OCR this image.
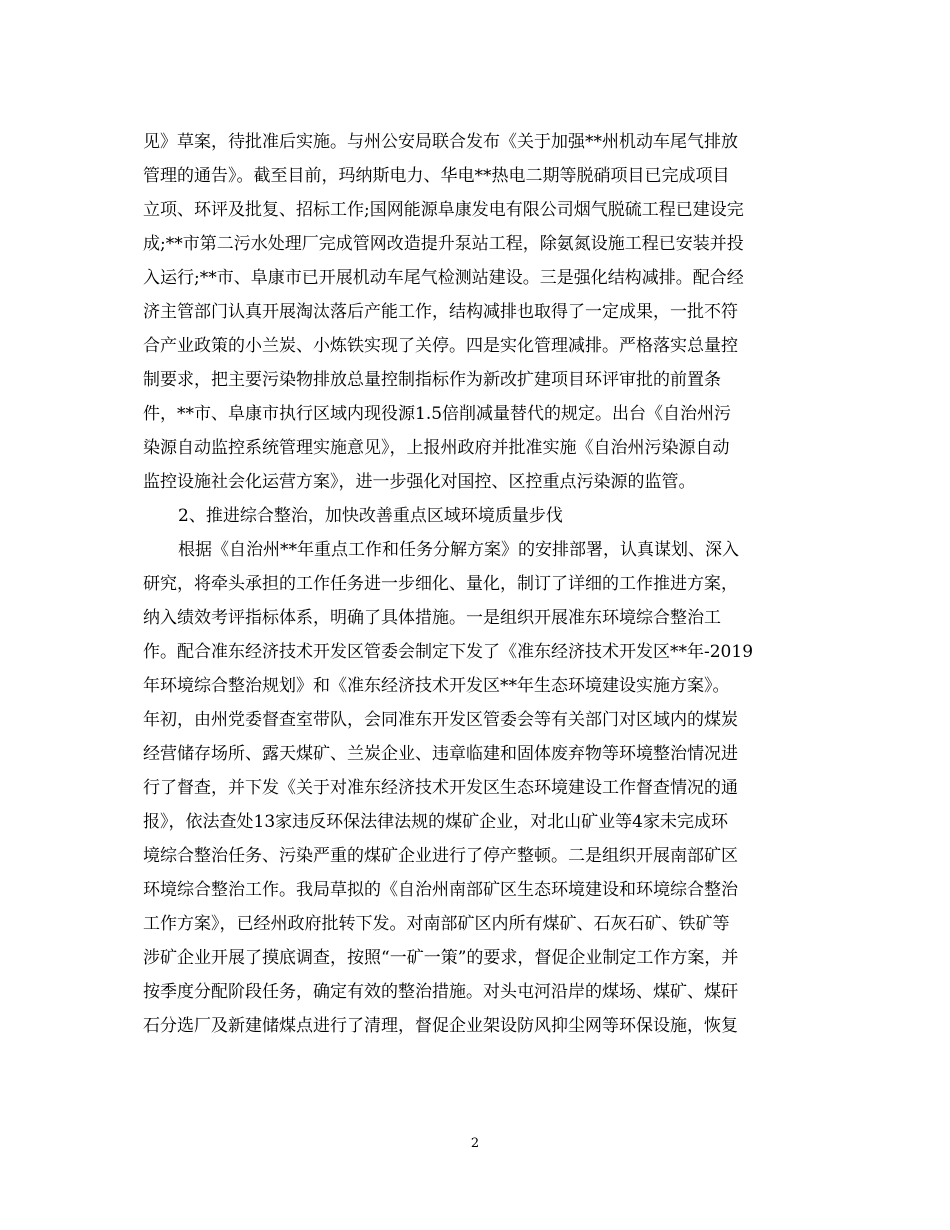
见》草案，待批准后实施。与州公安局联合发布《关于加强**州机动车尾气排放
管理的通告》。截至目前，玛纳斯电力、华电**热电二期等脱硝项目已完成项目
立项、环评及批复、招标工作;国网能源阜康发电有限公司烟气脱硫工程已建设完
成;**市第二污水处理厂完成管网改造提升泵站工程，除氨氮设施工程已安装并投
入运行;**市、阜康市已开展机动车尾气检测站建设。三是强化结构减排。配合经
济主管部门认真开展淘汰落后产能工作，结构减排也取得了一定成果，一批不符
合产业政策的小兰炭、小炼铁实现了关停。四是实化管理减排。严格落实总量控
制要求，把主要污染物排放总量控制指标作为新改扩建项目环评审批的前置条
件，**市、阜康市执行区域内现役源1.5倍削减量替代的规定。出台《自治州污
染源自动监控系统管理实施意见》，上报州政府并批准实施《自治州污染源自动
监控设施社会化运营方案》，进一步强化对国控、区控重点污染源的监管。
2、推进综合整治，加快改善重点区域环境质量步伐
根据《自治州**年重点工作和任务分解方案》的安排部署，认真谋划、深入
研究，将牵头承担的工作任务进一步细化、量化，制订了详细的工作推进方案，
纳入绩效考评指标体系，明确了具体措施。一是组织开展准东环境综合整治工
作。配合准东经济技术开发区管委会制定下发了《准东经济技术开发区**年-2019
年环境综合整治规划》和《准东经济技术开发区**年生态环境建设实施方案》。
年初，由州党委督查室带队，会同准东开发区管委会等有关部门对区域内的煤炭
经营储存场所、露天煤矿、兰炭企业、违章临建和固体废弃物等环境整治情况进
行了督查，并下发《关于对准东经济技术开发区生态环境建设工作督查情况的通
报》，依法查处13家违反环保法律法规的煤矿企业，对北山矿业等4家未完成环
境综合整治任务、污染严重的煤矿企业进行了停产整顿。二是组织开展南部矿区
环境综合整治工作。我局草拟的《自治州南部矿区生态环境建设和环境综合整治
工作方案》，已经州政府批转下发。对南部矿区内所有煤矿、石灰石矿、铁矿等
涉矿企业开展了摸底调查，按照“一矿一策”的要求，督促企业制定工作方案，并
按季度分配阶段任务，确定有效的整治措施。对头屯河沿岸的煤场、煤矿、煤矸
石分选厂及新建储煤点进行了清理，督促企业架设防风抑尘网等环保设施，恢复
2
